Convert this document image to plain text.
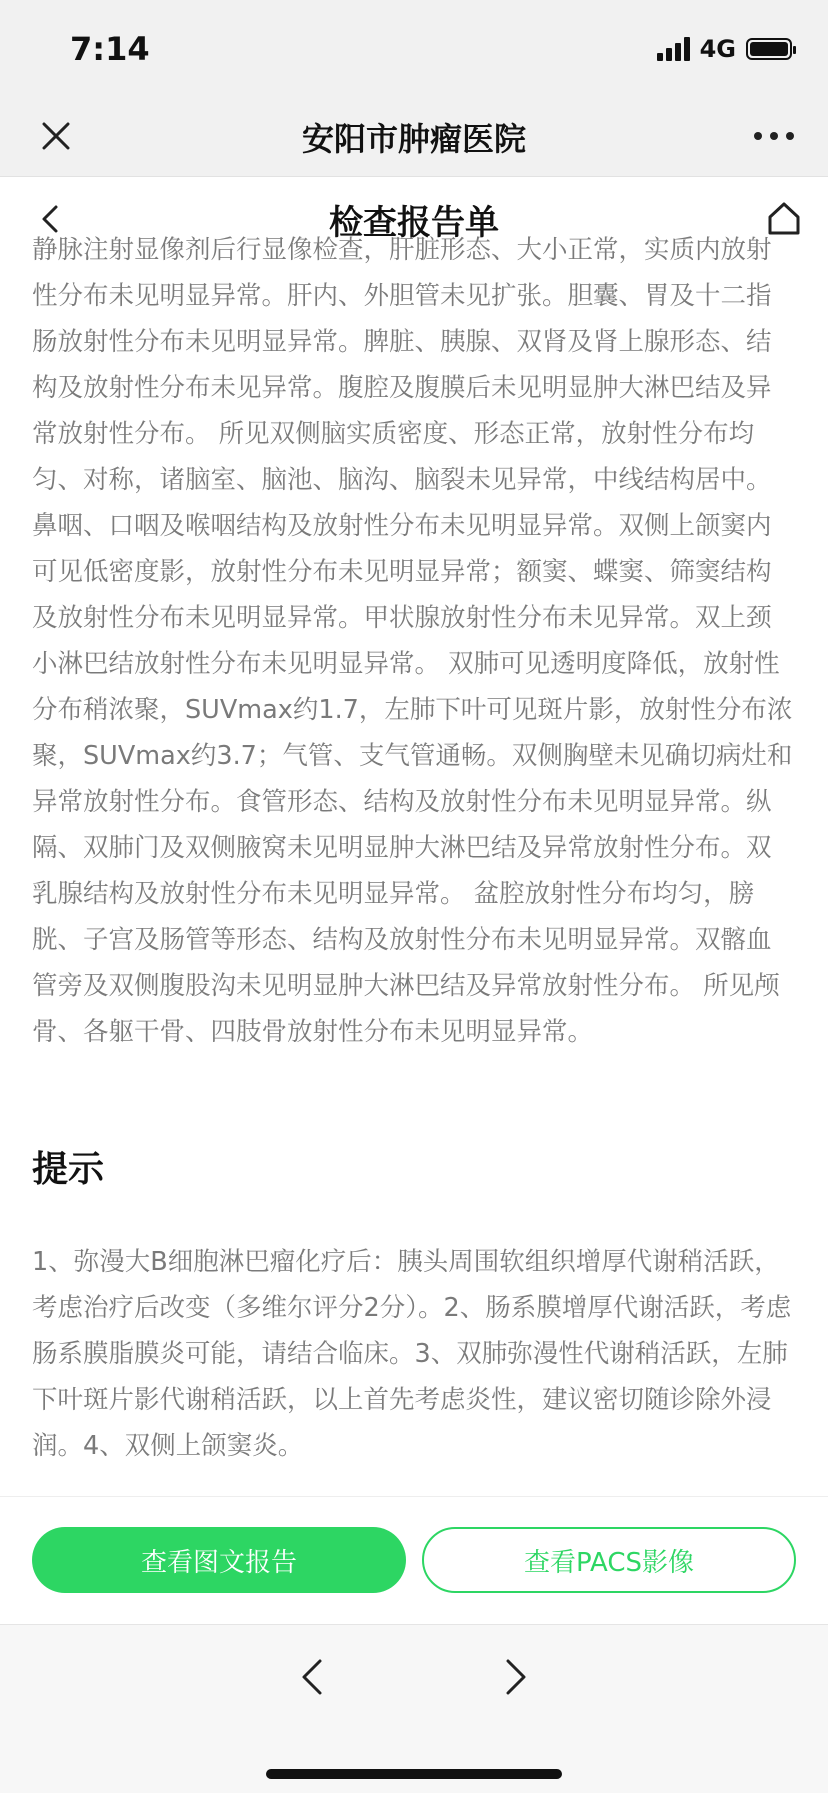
7:14	4G
安阳市肿瘤医院
检查报告单

静脉注射显像剂后行显像检查，肝脏形态、大小正常，实质内放射性分布未见明显异常。肝内、外胆管未见扩张。胆囊、胃及十二指肠放射性分布未见明显异常。脾脏、胰腺、双肾及肾上腺形态、结构及放射性分布未见异常。腹腔及腹膜后未见明显肿大淋巴结及异常放射性分布。 所见双侧脑实质密度、形态正常，放射性分布均匀、对称，诸脑室、脑池、脑沟、脑裂未见异常，中线结构居中。鼻咽、口咽及喉咽结构及放射性分布未见明显异常。双侧上颌窦内可见低密度影，放射性分布未见明显异常；额窦、蝶窦、筛窦结构及放射性分布未见明显异常。甲状腺放射性分布未见异常。双上颈小淋巴结放射性分布未见明显异常。 双肺可见透明度降低，放射性分布稍浓聚，SUVmax约1.7，左肺下叶可见斑片影，放射性分布浓聚，SUVmax约3.7；气管、支气管通畅。双侧胸壁未见确切病灶和异常放射性分布。食管形态、结构及放射性分布未见明显异常。纵隔、双肺门及双侧腋窝未见明显肿大淋巴结及异常放射性分布。双乳腺结构及放射性分布未见明显异常。 盆腔放射性分布均匀，膀胱、子宫及肠管等形态、结构及放射性分布未见明显异常。双髂血管旁及双侧腹股沟未见明显肿大淋巴结及异常放射性分布。 所见颅骨、各躯干骨、四肢骨放射性分布未见明显异常。

提示

1、弥漫大B细胞淋巴瘤化疗后：胰头周围软组织增厚代谢稍活跃，考虑治疗后改变（多维尔评分2分）。2、肠系膜增厚代谢活跃，考虑肠系膜脂膜炎可能，请结合临床。3、双肺弥漫性代谢稍活跃，左肺下叶斑片影代谢稍活跃，以上首先考虑炎性，建议密切随诊除外浸润。4、双侧上颌窦炎。

查看图文报告	查看PACS影像
